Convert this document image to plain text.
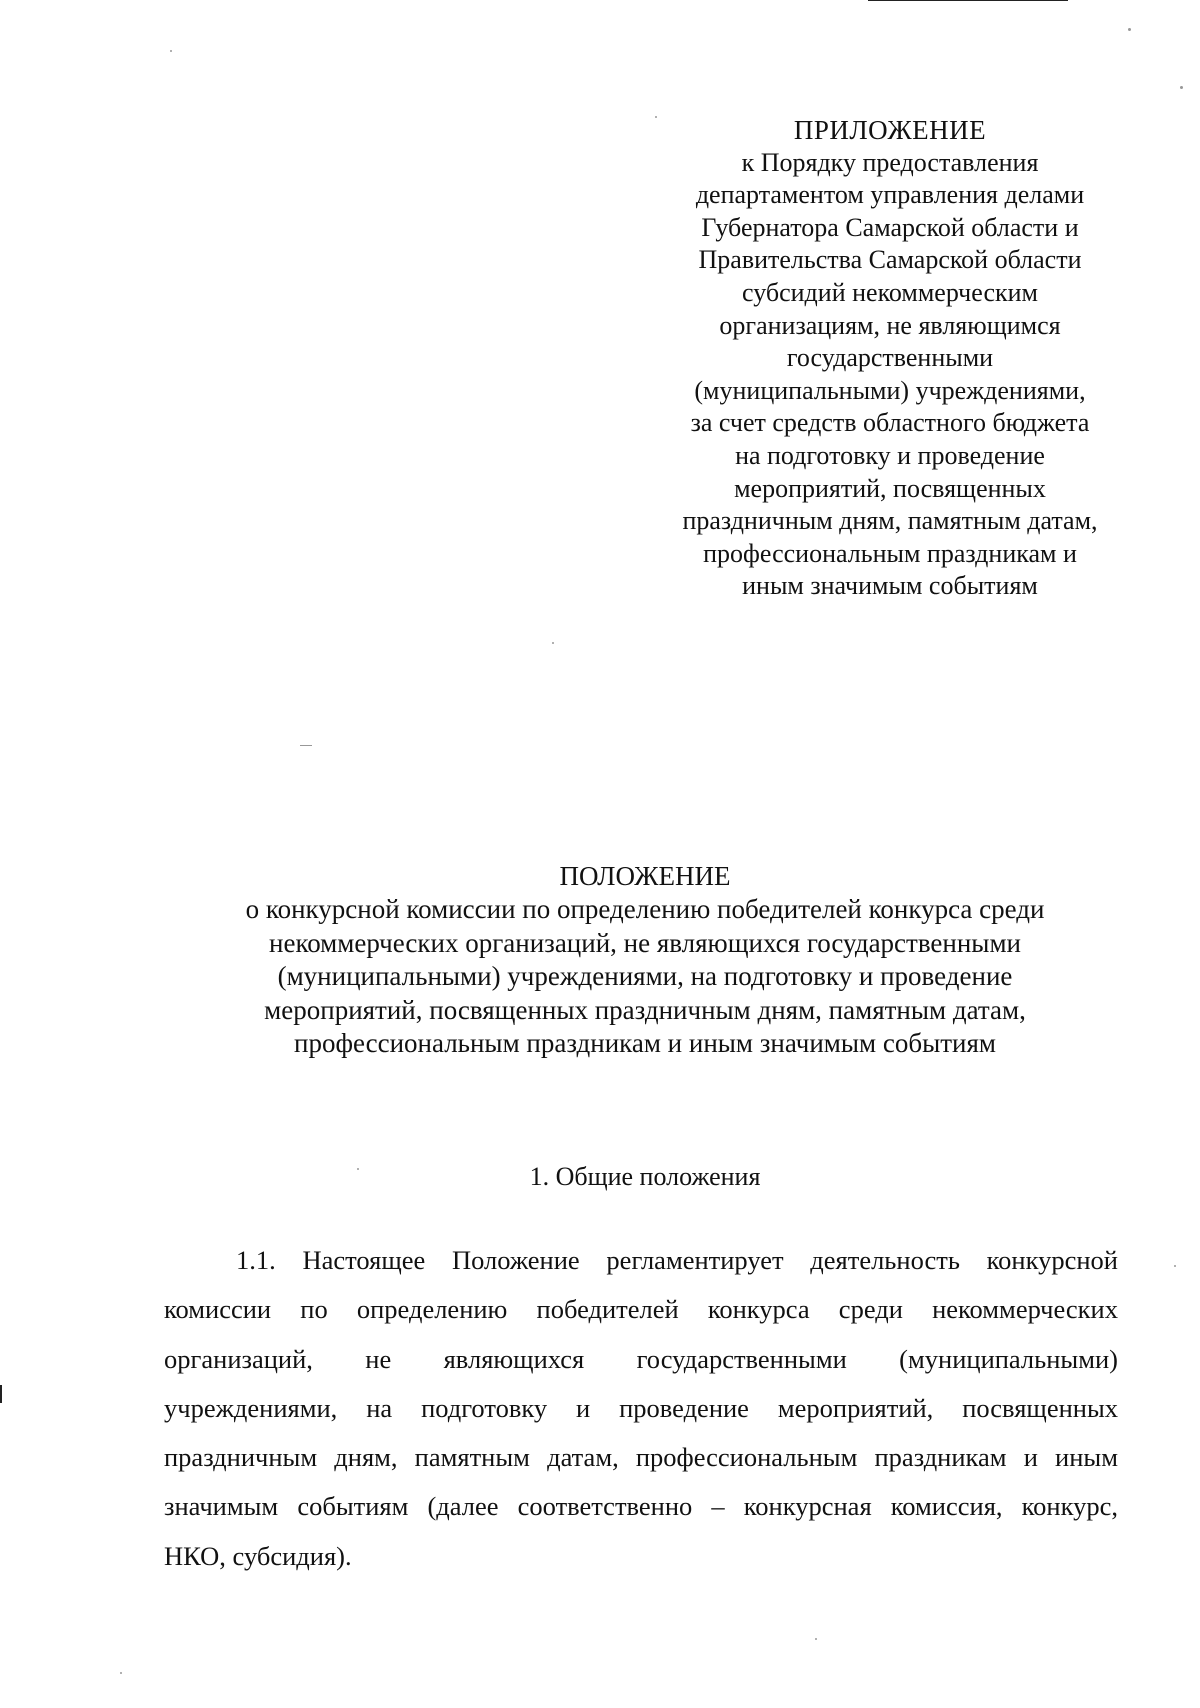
ПРИЛОЖЕНИЕ
к Порядку предоставления
департаментом управления делами
Губернатора Самарской области и
Правительства Самарской области
субсидий некоммерческим
организациям, не являющимся
государственными
(муниципальными) учреждениями,
за счет средств областного бюджета
на подготовку и проведение
мероприятий, посвященных
праздничным дням, памятным датам,
профессиональным праздникам и
иным значимым событиям
ПОЛОЖЕНИЕ
о конкурсной комиссии по определению победителей конкурса среди
некоммерческих организаций, не являющихся государственными
(муниципальными) учреждениями, на подготовку и проведение
мероприятий, посвященных праздничным дням, памятным датам,
профессиональным праздникам и иным значимым событиям
1. Общие положения
1.1. Настоящее Положение регламентирует деятельность конкурсной
комиссии по определению победителей конкурса среди некоммерческих
организаций, не являющихся государственными (муниципальными)
учреждениями, на подготовку и проведение мероприятий, посвященных
праздничным дням, памятным датам, профессиональным праздникам и иным
значимым событиям (далее соответственно – конкурсная комиссия, конкурс,
НКО, субсидия).
